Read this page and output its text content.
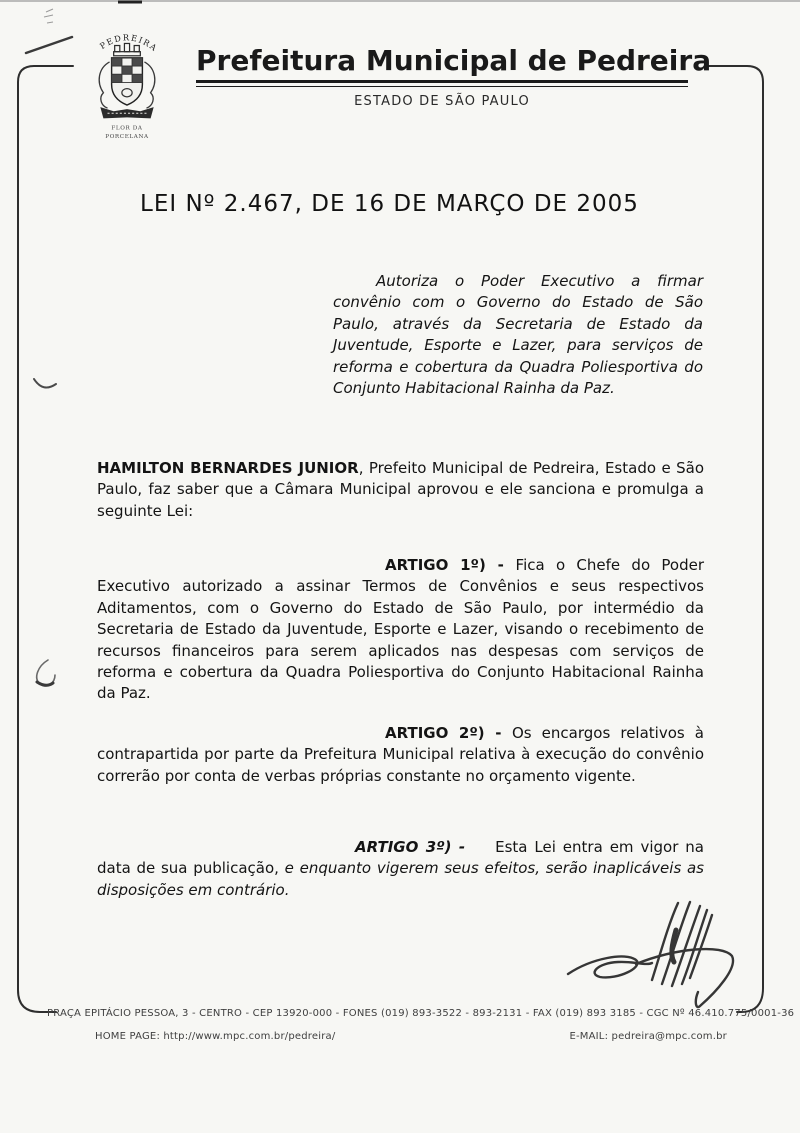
PEDREIRA
FLOR DA
PORCELANA
Prefeitura Municipal de Pedreira
ESTADO DE SÃO PAULO
LEI Nº 2.467, DE 16 DE MARÇO DE 2005

Autoriza o Poder Executivo a firmar convênio com o Governo do Estado de São Paulo, através da Secretaria de Estado da Juventude, Esporte e Lazer, para serviços de reforma e cobertura da Quadra Poliesportiva do Conjunto Habitacional Rainha da Paz.

HAMILTON BERNARDES JUNIOR, Prefeito Municipal de Pedreira, Estado e São Paulo, faz saber que a Câmara Municipal aprovou e ele sanciona e promulga a seguinte Lei:

ARTIGO 1º) - Fica o Chefe do Poder Executivo autorizado a assinar Termos de Convênios e seus respectivos Aditamentos, com o Governo do Estado de São Paulo, por intermédio da Secretaria de Estado da Juventude, Esporte e Lazer, visando o recebimento de recursos financeiros para serem aplicados nas despesas com serviços de reforma e cobertura da Quadra Poliesportiva do Conjunto Habitacional Rainha da Paz.

ARTIGO 2º) - Os encargos relativos à contrapartida por parte da Prefeitura Municipal relativa à execução do convênio correrão por conta de verbas próprias constante no orçamento vigente.

ARTIGO 3º) - Esta Lei entra em vigor na data de sua publicação, e enquanto vigerem seus efeitos, serão inaplicáveis as disposições em contrário.

PRAÇA EPITÁCIO PESSOA, 3 - CENTRO - CEP 13920-000 - FONES (019) 893-3522 - 893-2131 - FAX (019) 893 3185 - CGC Nº 46.410.775/0001-36
HOME PAGE: http://www.mpc.com.br/pedreira/	E-MAIL: pedreira@mpc.com.br
